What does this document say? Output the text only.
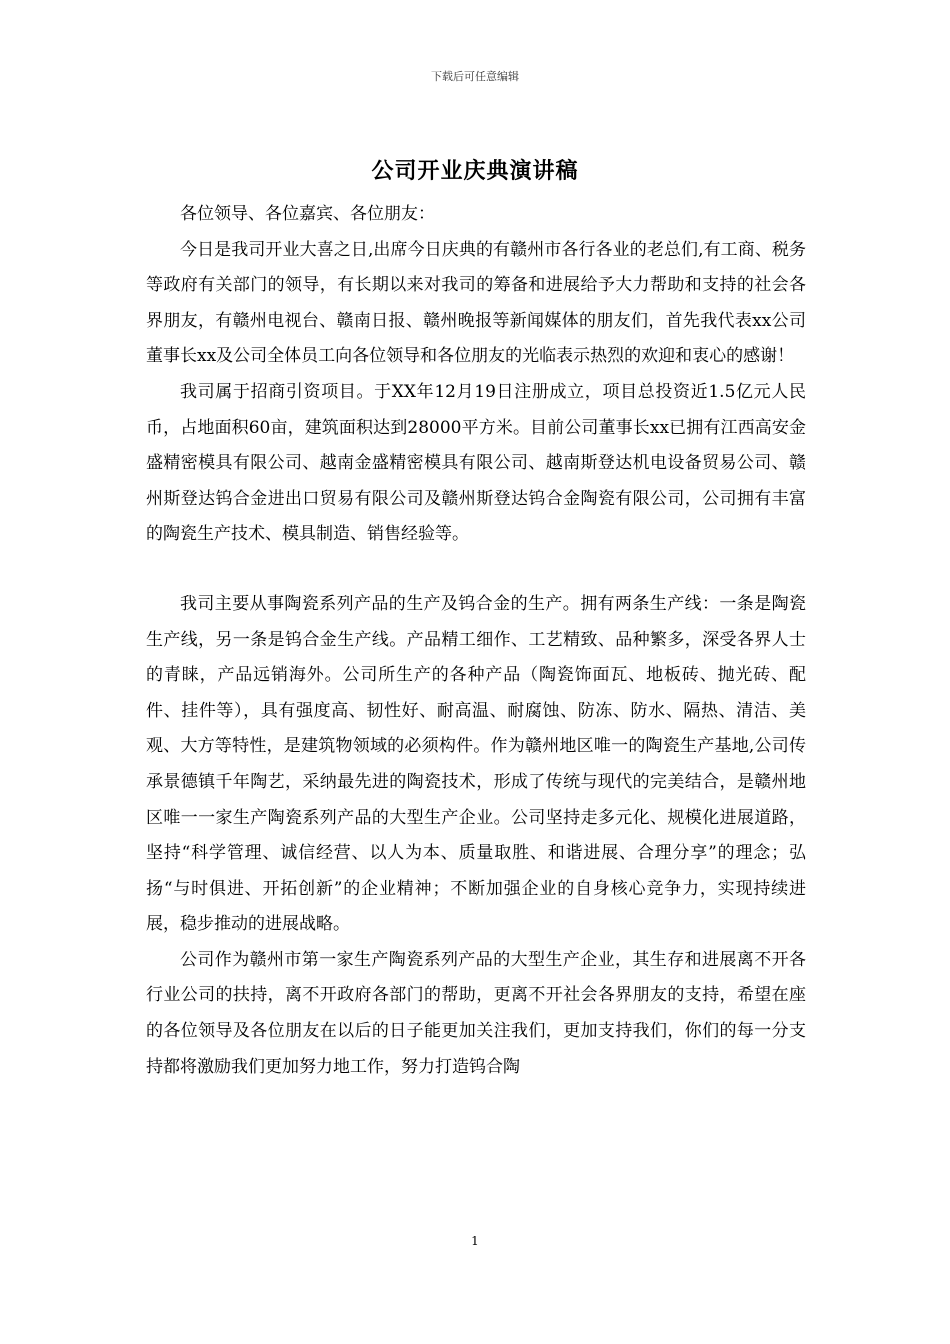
下载后可任意编辑
公司开业庆典演讲稿

各位领导、各位嘉宾、各位朋友：

今日是我司开业大喜之日,出席今日庆典的有赣州市各行各业的老总们,有工商、税务等政府有关部门的领导，有长期以来对我司的筹备和进展给予大力帮助和支持的社会各界朋友，有赣州电视台、赣南日报、赣州晚报等新闻媒体的朋友们，首先我代表xx公司董事长xx及公司全体员工向各位领导和各位朋友的光临表示热烈的欢迎和衷心的感谢！

我司属于招商引资项目。于XX年12月19日注册成立，项目总投资近1.5亿元人民币，占地面积60亩，建筑面积达到28000平方米。目前公司董事长xx已拥有江西高安金盛精密模具有限公司、越南金盛精密模具有限公司、越南斯登达机电设备贸易公司、赣州斯登达钨合金进出口贸易有限公司及赣州斯登达钨合金陶瓷有限公司，公司拥有丰富的陶瓷生产技术、模具制造、销售经验等。

我司主要从事陶瓷系列产品的生产及钨合金的生产。拥有两条生产线：一条是陶瓷生产线，另一条是钨合金生产线。产品精工细作、工艺精致、品种繁多，深受各界人士的青睐，产品远销海外。公司所生产的各种产品（陶瓷饰面瓦、地板砖、抛光砖、配件、挂件等），具有强度高、韧性好、耐高温、耐腐蚀、防冻、防水、隔热、清洁、美观、大方等特性，是建筑物领域的必须构件。作为赣州地区唯一的陶瓷生产基地,公司传承景德镇千年陶艺，采纳最先进的陶瓷技术，形成了传统与现代的完美结合，是赣州地区唯一一家生产陶瓷系列产品的大型生产企业。公司坚持走多元化、规模化进展道路，坚持“科学管理、诚信经营、以人为本、质量取胜、和谐进展、合理分享”的理念；弘扬“与时俱进、开拓创新”的企业精神；不断加强企业的自身核心竞争力，实现持续进展，稳步推动的进展战略。

公司作为赣州市第一家生产陶瓷系列产品的大型生产企业，其生存和进展离不开各行业公司的扶持，离不开政府各部门的帮助，更离不开社会各界朋友的支持，希望在座的各位领导及各位朋友在以后的日子能更加关注我们，更加支持我们，你们的每一分支持都将激励我们更加努力地工作，努力打造钨合陶

1
